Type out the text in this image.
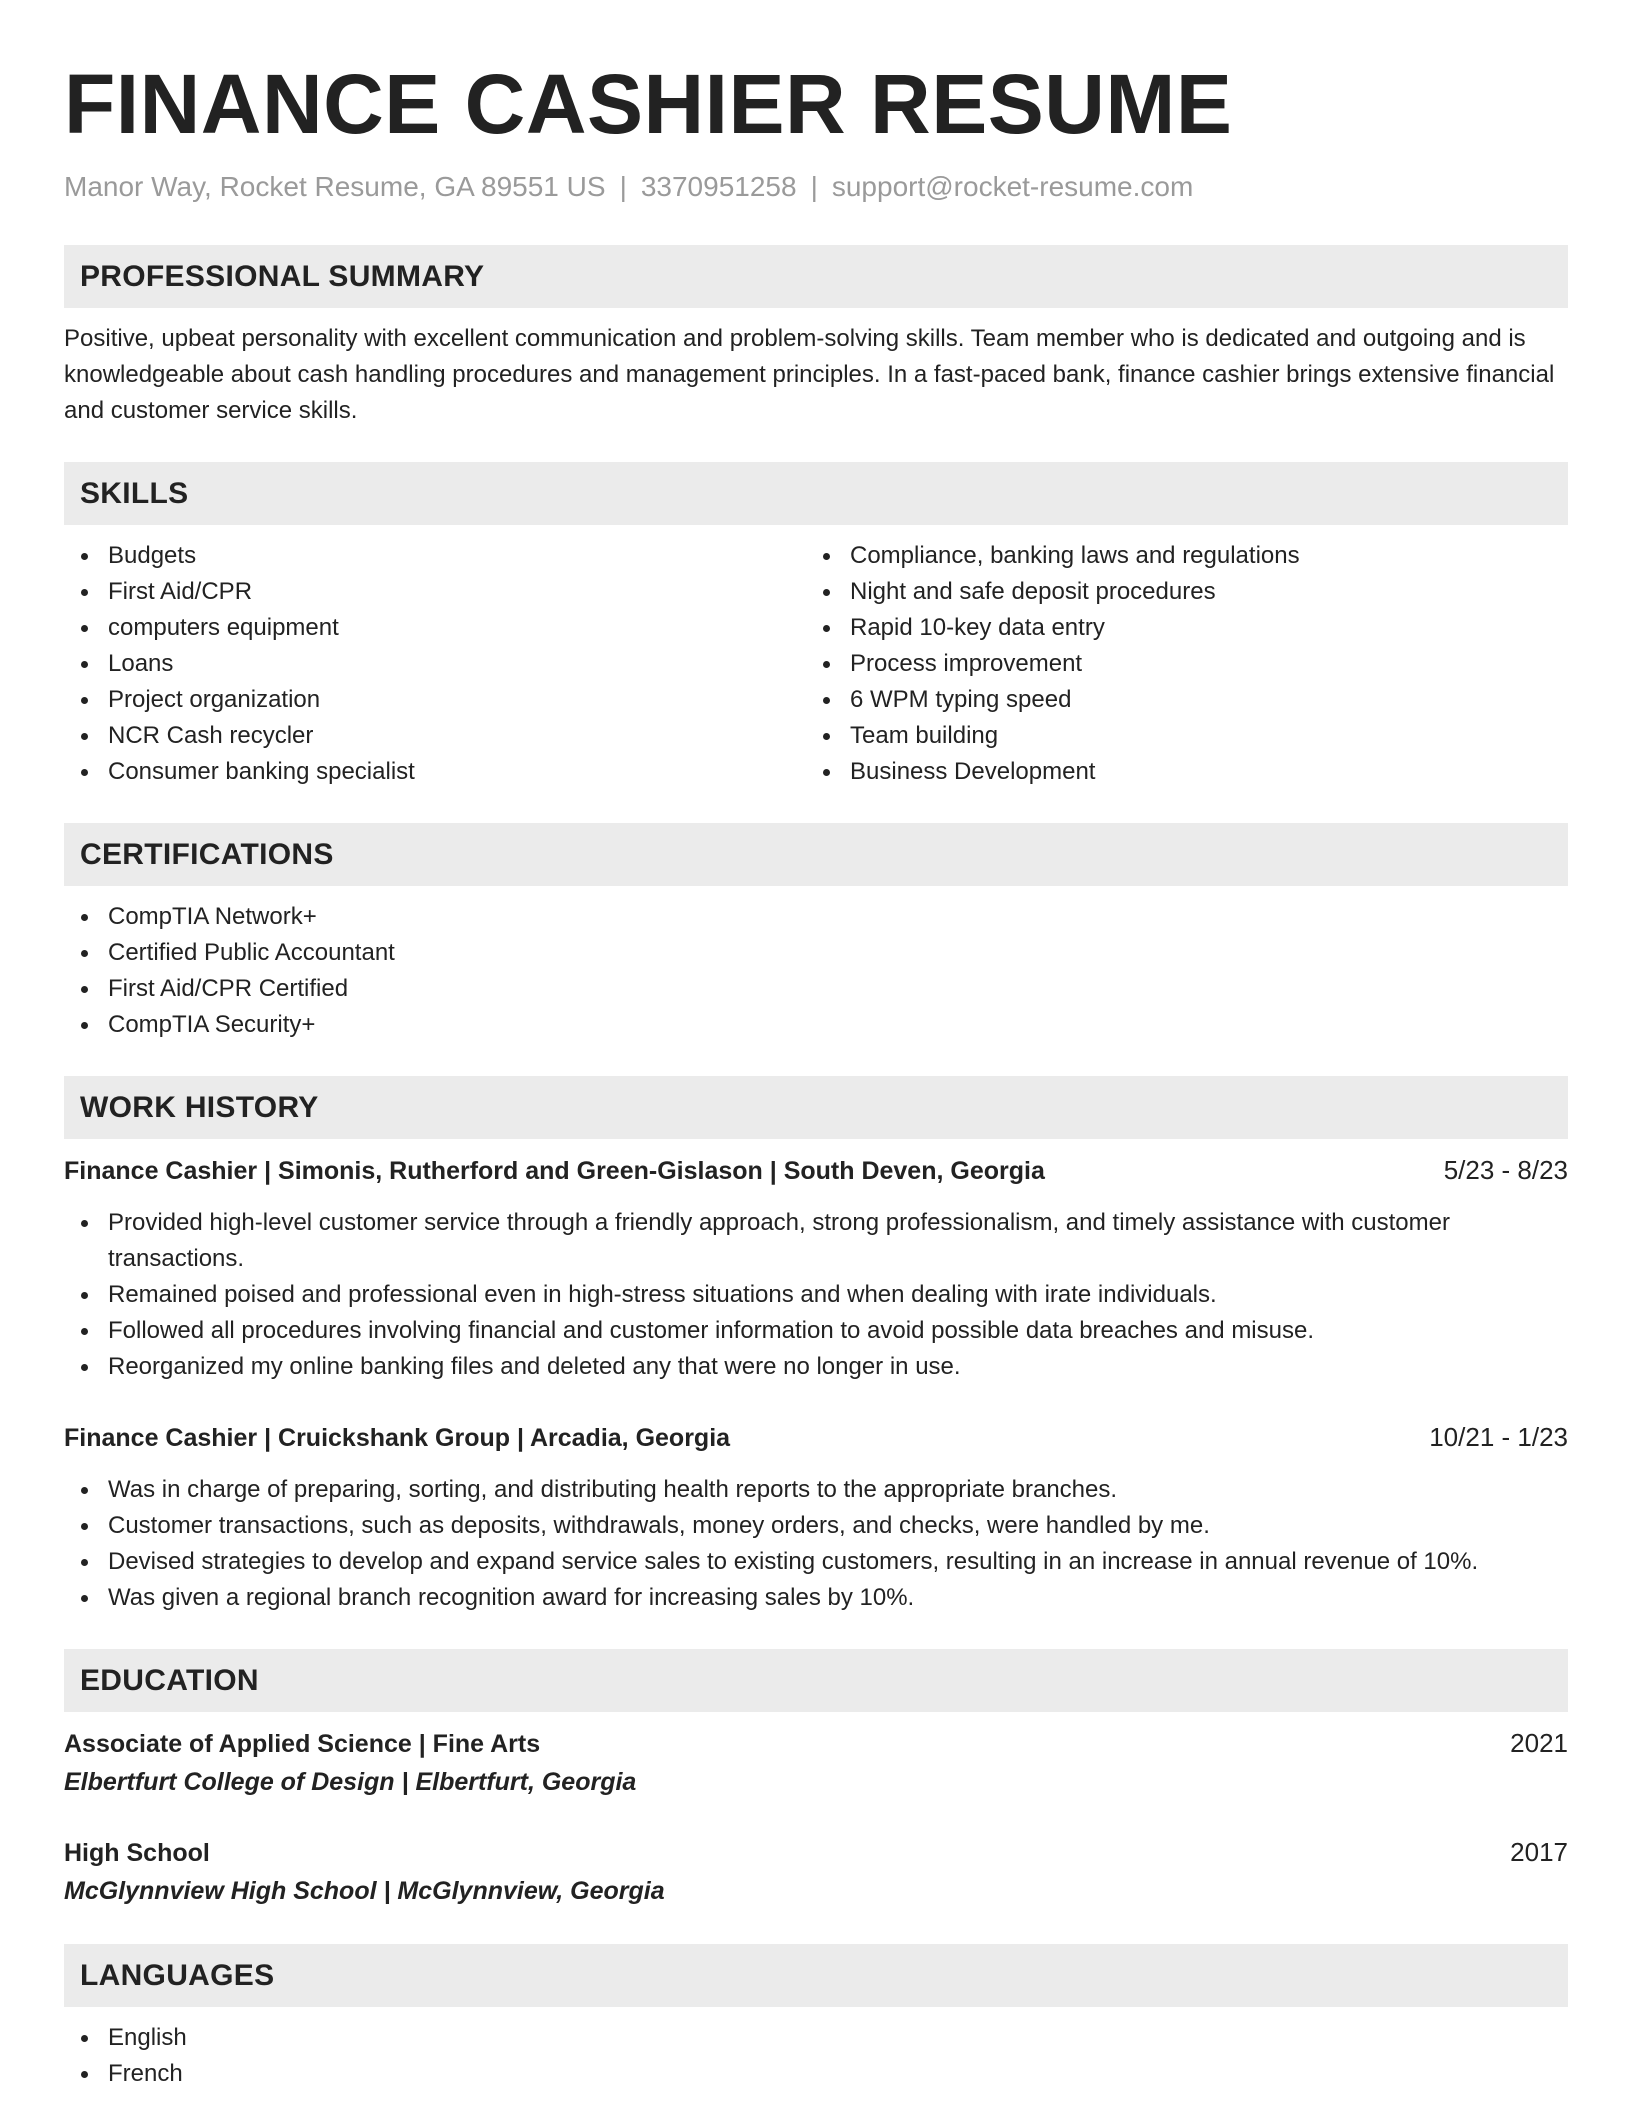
FINANCE CASHIER RESUME
Manor Way, Rocket Resume, GA 89551 US | 3370951258 | support@rocket-resume.com
PROFESSIONAL SUMMARY
Positive, upbeat personality with excellent communication and problem-solving skills. Team member who is dedicated and outgoing and is knowledgeable about cash handling procedures and management principles. In a fast-paced bank, finance cashier brings extensive financial and customer service skills.
SKILLS
Budgets
First Aid/CPR
computers equipment
Loans
Project organization
NCR Cash recycler
Consumer banking specialist
Compliance, banking laws and regulations
Night and safe deposit procedures
Rapid 10-key data entry
Process improvement
6 WPM typing speed
Team building
Business Development
CERTIFICATIONS
CompTIA Network+
Certified Public Accountant
First Aid/CPR Certified
CompTIA Security+
WORK HISTORY
Finance Cashier | Simonis, Rutherford and Green-Gislason | South Deven, Georgia	5/23 - 8/23
Provided high-level customer service through a friendly approach, strong professionalism, and timely assistance with customer transactions.
Remained poised and professional even in high-stress situations and when dealing with irate individuals.
Followed all procedures involving financial and customer information to avoid possible data breaches and misuse.
Reorganized my online banking files and deleted any that were no longer in use.
Finance Cashier | Cruickshank Group | Arcadia, Georgia	10/21 - 1/23
Was in charge of preparing, sorting, and distributing health reports to the appropriate branches.
Customer transactions, such as deposits, withdrawals, money orders, and checks, were handled by me.
Devised strategies to develop and expand service sales to existing customers, resulting in an increase in annual revenue of 10%.
Was given a regional branch recognition award for increasing sales by 10%.
EDUCATION
Associate of Applied Science | Fine Arts	2021
Elbertfurt College of Design | Elbertfurt, Georgia
High School	2017
McGlynnview High School | McGlynnview, Georgia
LANGUAGES
English
French
